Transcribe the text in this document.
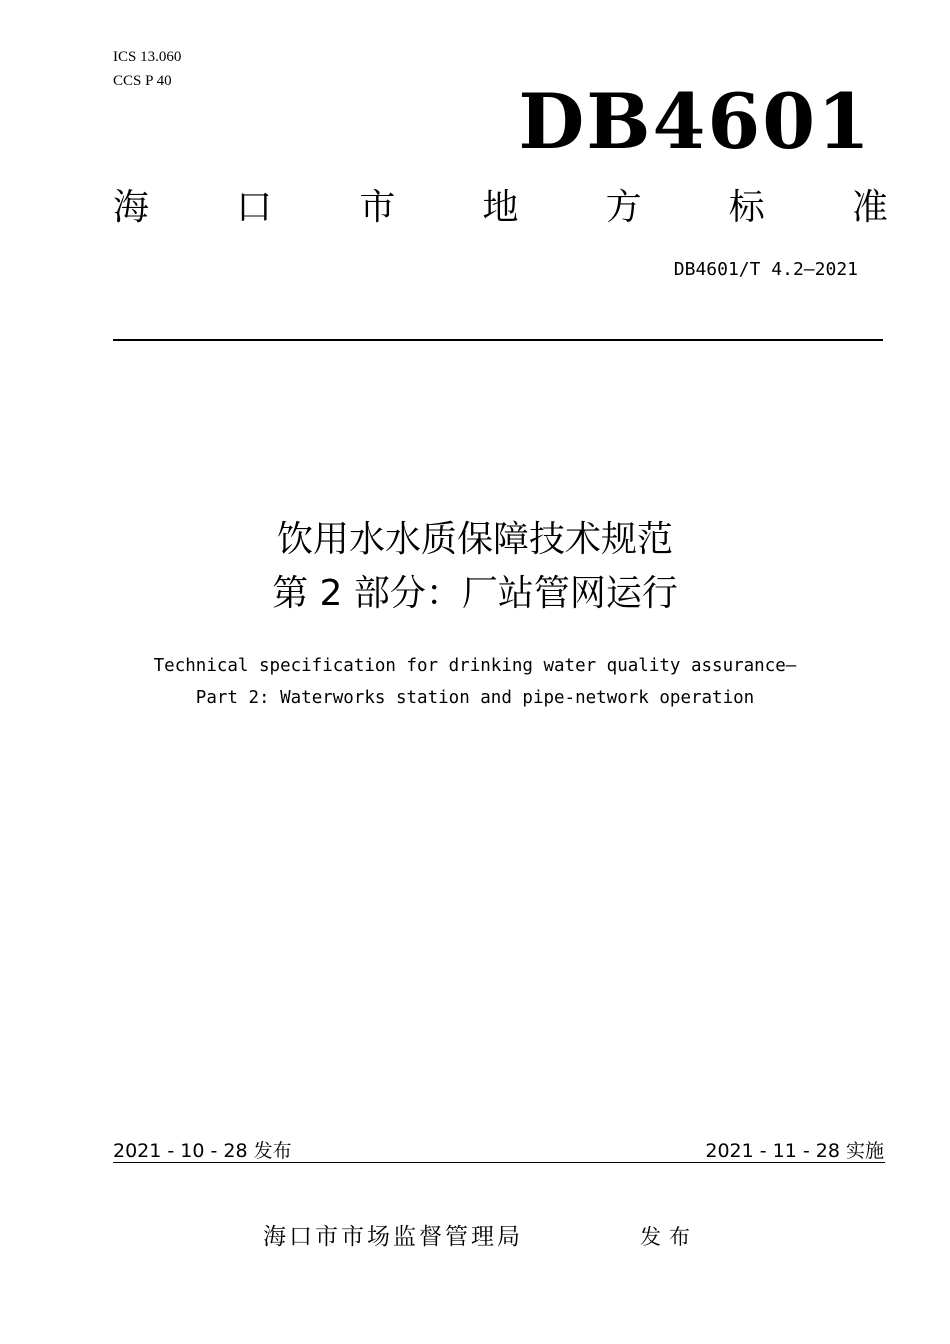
ICS 13.060
CCS P 40	DB4601
海 口 市 地 方 标 准
DB4601/T 4.2—2021
饮用水水质保障技术规范
第 2 部分：厂站管网运行
Technical specification for drinking water quality assurance—
Part 2: Waterworks station and pipe-network operation
2021 - 10 - 28 发布	2021 - 11 - 28 实施
海口市市场监督管理局	发布
